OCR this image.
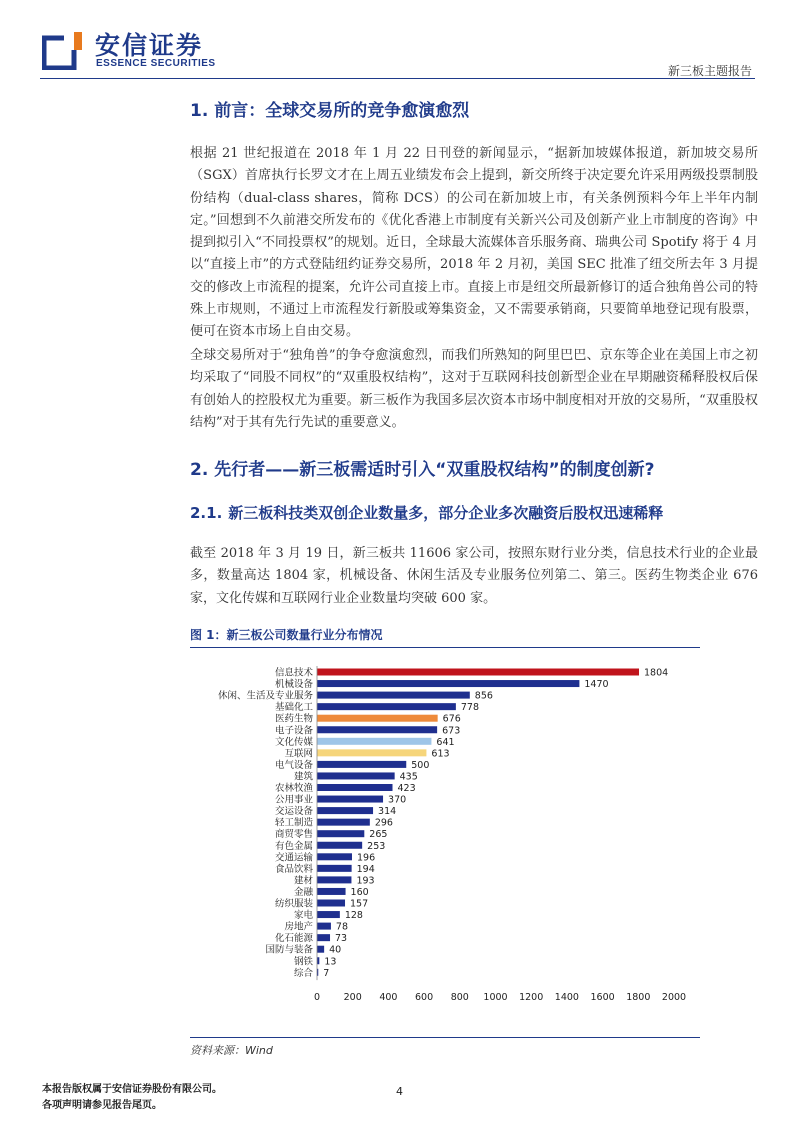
安信证券
ESSENCE SECURITIES
新三板主题报告
1. 前言：全球交易所的竞争愈演愈烈
根据 21 世纪报道在 2018 年 1 月 22 日刊登的新闻显示，“据新加坡媒体报道，新加坡交易所（SGX）首席执行长罗文才在上周五业绩发布会上提到，新交所终于决定要允许采用两级投票制股份结构（dual-class shares，简称 DCS）的公司在新加坡上市，有关条例预料今年上半年内制定。”回想到不久前港交所发布的《优化香港上市制度有关新兴公司及创新产业上市制度的咨询》中提到拟引入“不同投票权”的规划。近日，全球最大流媒体音乐服务商、瑞典公司 Spotify 将于 4 月以“直接上市”的方式登陆纽约证券交易所，2018 年 2 月初，美国 SEC 批准了纽交所去年 3 月提交的修改上市流程的提案，允许公司直接上市。直接上市是纽交所最新修订的适合独角兽公司的特殊上市规则，不通过上市流程发行新股或筹集资金，又不需要承销商，只要简单地登记现有股票，便可在资本市场上自由交易。
全球交易所对于“独角兽”的争夺愈演愈烈，而我们所熟知的阿里巴巴、京东等企业在美国上市之初均采取了“同股不同权”的“双重股权结构”，这对于互联网科技创新型企业在早期融资稀释股权后保有创始人的控股权尤为重要。新三板作为我国多层次资本市场中制度相对开放的交易所，“双重股权结构”对于其有先行先试的重要意义。
2. 先行者——新三板需适时引入“双重股权结构”的制度创新?
2.1. 新三板科技类双创企业数量多，部分企业多次融资后股权迅速稀释
截至 2018 年 3 月 19 日，新三板共 11606 家公司，按照东财行业分类，信息技术行业的企业最多，数量高达 1804 家，机械设备、休闲生活及专业服务位列第二、第三。医药生物类企业 676 家，文化传媒和互联网行业企业数量均突破 600 家。
图 1：新三板公司数量行业分布情况
信息技术
机械设备
休闲、生活及专业服务
基础化工
医药生物
电子设备
文化传媒
互联网
电气设备
建筑
农林牧渔
公用事业
交运设备
轻工制造
商贸零售
有色金属
交通运输
食品饮料
建材
金融
纺织服装
家电
房地产
化石能源
国防与装备
钢铁
综合
1804
1470
856
778
676
673
641
613
500
435
423
370
314
296
265
253
196
194
193
160
157
128
78
73
40
13
7
0 200 400 600 800 1000 1200 1400 1600 1800 2000
资料来源：Wind
本报告版权属于安信证券股份有限公司。
各项声明请参见报告尾页。
4
